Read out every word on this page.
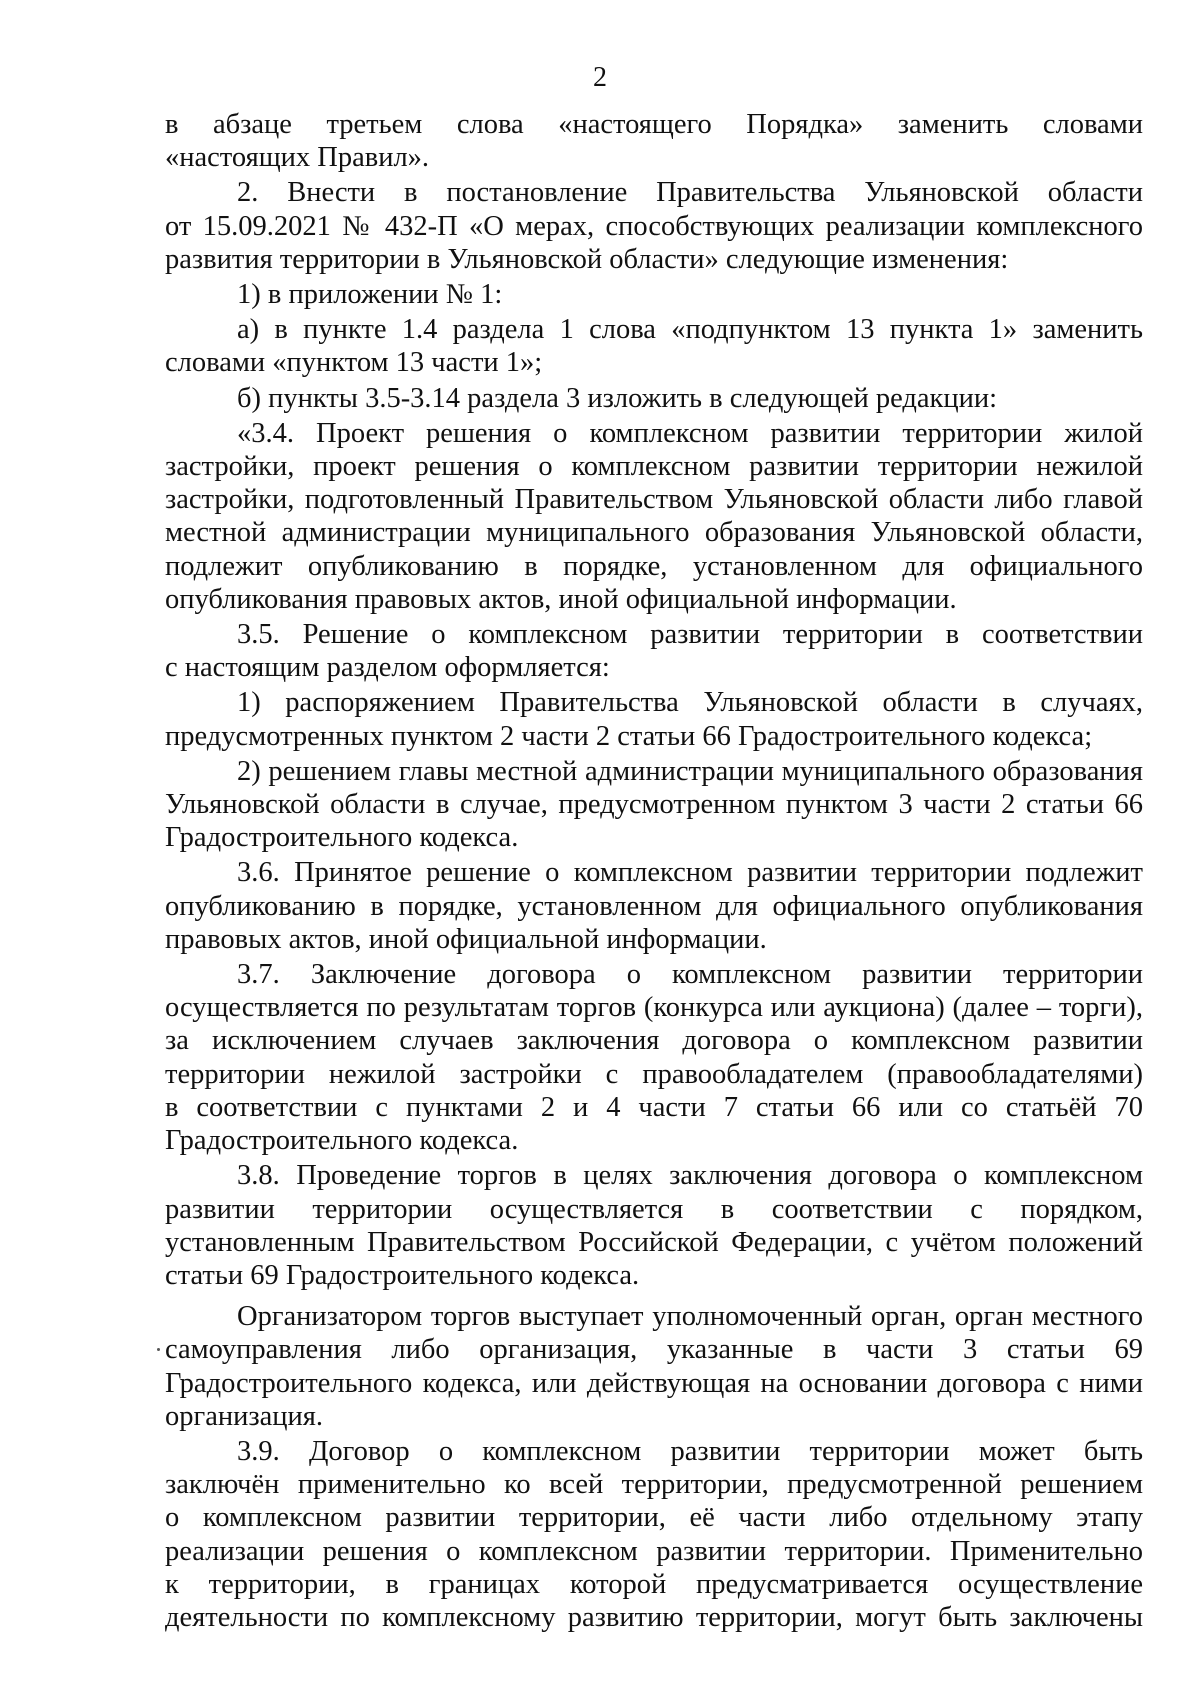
2
в абзаце третьем слова «настоящего Порядка» заменить словами
«настоящих Правил».
2. Внести в постановление Правительства Ульяновской области
от 15.09.2021 № 432-П «О мерах, способствующих реализации комплексного
развития территории в Ульяновской области» следующие изменения:
1) в приложении № 1:
а) в пункте 1.4 раздела 1 слова «подпунктом 13 пункта 1» заменить
словами «пунктом 13 части 1»;
б) пункты 3.5-3.14 раздела 3 изложить в следующей редакции:
«3.4. Проект решения о комплексном развитии территории жилой
застройки, проект решения о комплексном развитии территории нежилой
застройки, подготовленный Правительством Ульяновской области либо главой
местной администрации муниципального образования Ульяновской области,
подлежит опубликованию в порядке, установленном для официального
опубликования правовых актов, иной официальной информации.
3.5. Решение о комплексном развитии территории в соответствии
с настоящим разделом оформляется:
1) распоряжением Правительства Ульяновской области в случаях,
предусмотренных пунктом 2 части 2 статьи 66 Градостроительного кодекса;
2) решением главы местной администрации муниципального образования
Ульяновской области в случае, предусмотренном пунктом 3 части 2 статьи 66
Градостроительного кодекса.
3.6. Принятое решение о комплексном развитии территории подлежит
опубликованию в порядке, установленном для официального опубликования
правовых актов, иной официальной информации.
3.7. Заключение договора о комплексном развитии территории
осуществляется по результатам торгов (конкурса или аукциона) (далее – торги),
за исключением случаев заключения договора о комплексном развитии
территории нежилой застройки с правообладателем (правообладателями)
в соответствии с пунктами 2 и 4 части 7 статьи 66 или со статьёй 70
Градостроительного кодекса.
3.8. Проведение торгов в целях заключения договора о комплексном
развитии территории осуществляется в соответствии с порядком,
установленным Правительством Российской Федерации, с учётом положений
статьи 69 Градостроительного кодекса.
Организатором торгов выступает уполномоченный орган, орган местного
самоуправления либо организация, указанные в части 3 статьи 69
Градостроительного кодекса, или действующая на основании договора с ними
организация.
3.9. Договор о комплексном развитии территории может быть
заключён применительно ко всей территории, предусмотренной решением
о комплексном развитии территории, её части либо отдельному этапу
реализации решения о комплексном развитии территории. Применительно
к территории, в границах которой предусматривается осуществление
деятельности по комплексному развитию территории, могут быть заключены
